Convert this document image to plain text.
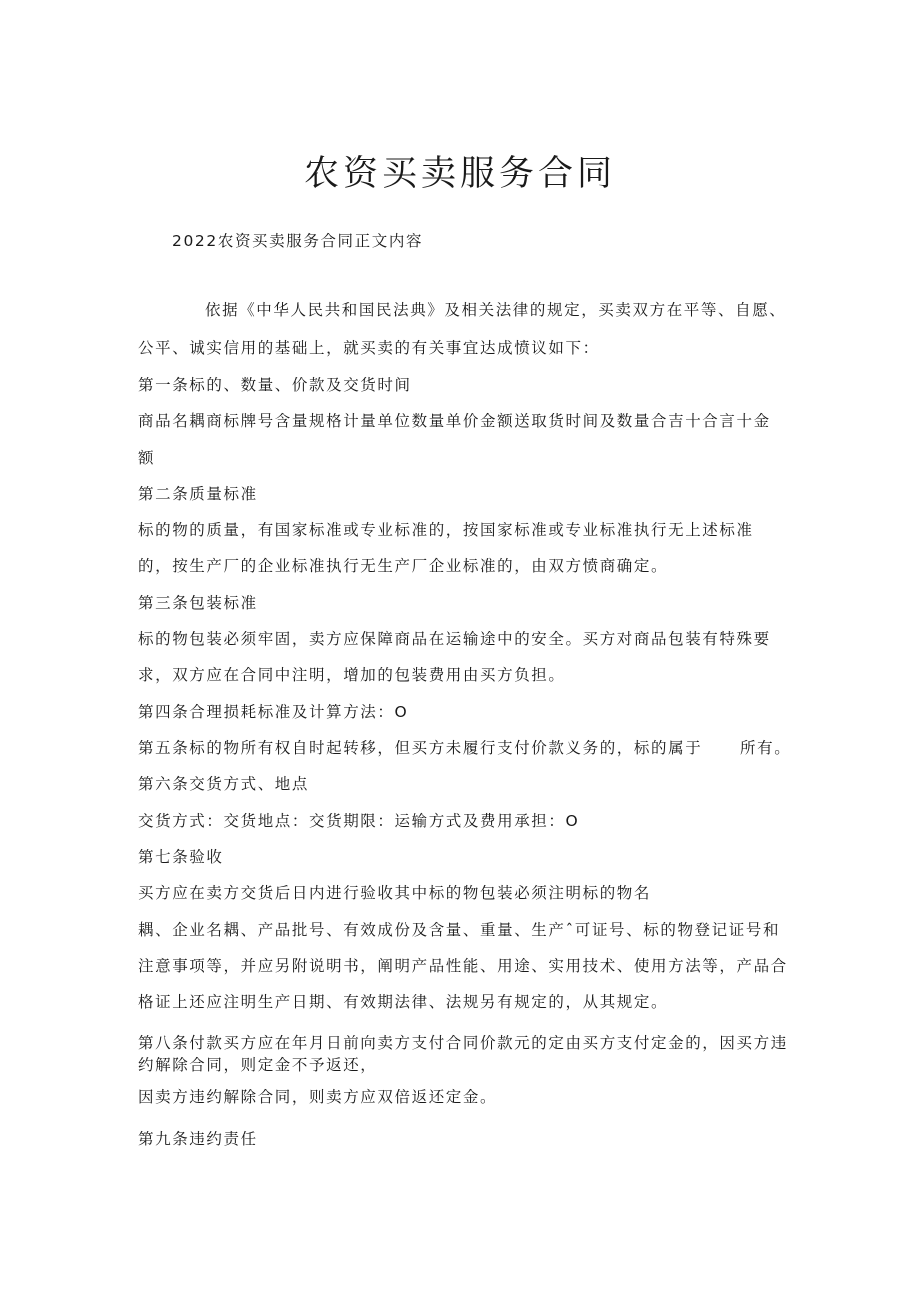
农资买卖服务合同

2022农资买卖服务合同正文内容

依据《中华人民共和国民法典》及相关法律的规定，买卖双方在平等、自愿、

公平、诚实信用的基础上，就买卖的有关事宜达成愤议如下：

第一条标的、数量、价款及交货时间

商品名耦商标牌号含量规格计量单位数量单价金额送取货时间及数量合吉十合言十金

额

第二条质量标准

标的物的质量，有国家标准或专业标准的，按国家标准或专业标准执行无上述标准

的，按生产厂的企业标准执行无生产厂企业标准的，由双方愤商确定。

第三条包装标准

标的物包装必须牢固，卖方应保障商品在运输途中的安全。买方对商品包装有特殊要

求，双方应在合同中注明，增加的包装费用由买方负担。

第四条合理损耗标准及计算方法：O

第五条标的物所有权自时起转移，但买方未履行支付价款义务的，标的属于 所有。

第六条交货方式、地点

交货方式：交货地点：交货期限：运输方式及费用承担：O

第七条验收

买方应在卖方交货后日内进行验收其中标的物包装必须注明标的物名

耦、企业名耦、产品批号、有效成份及含量、重量、生产ˆ可证号、标的物登记证号和

注意事项等，并应另附说明书，阐明产品性能、用途、实用技术、使用方法等，产品合

格证上还应注明生产日期、有效期法律、法规另有规定的，从其规定。

第八条付款买方应在年月日前向卖方支付合同价款元的定由买方支付定金的，因买方违

约解除合同，则定金不予返还，

因卖方违约解除合同，则卖方应双倍返还定金。

第九条违约责任
